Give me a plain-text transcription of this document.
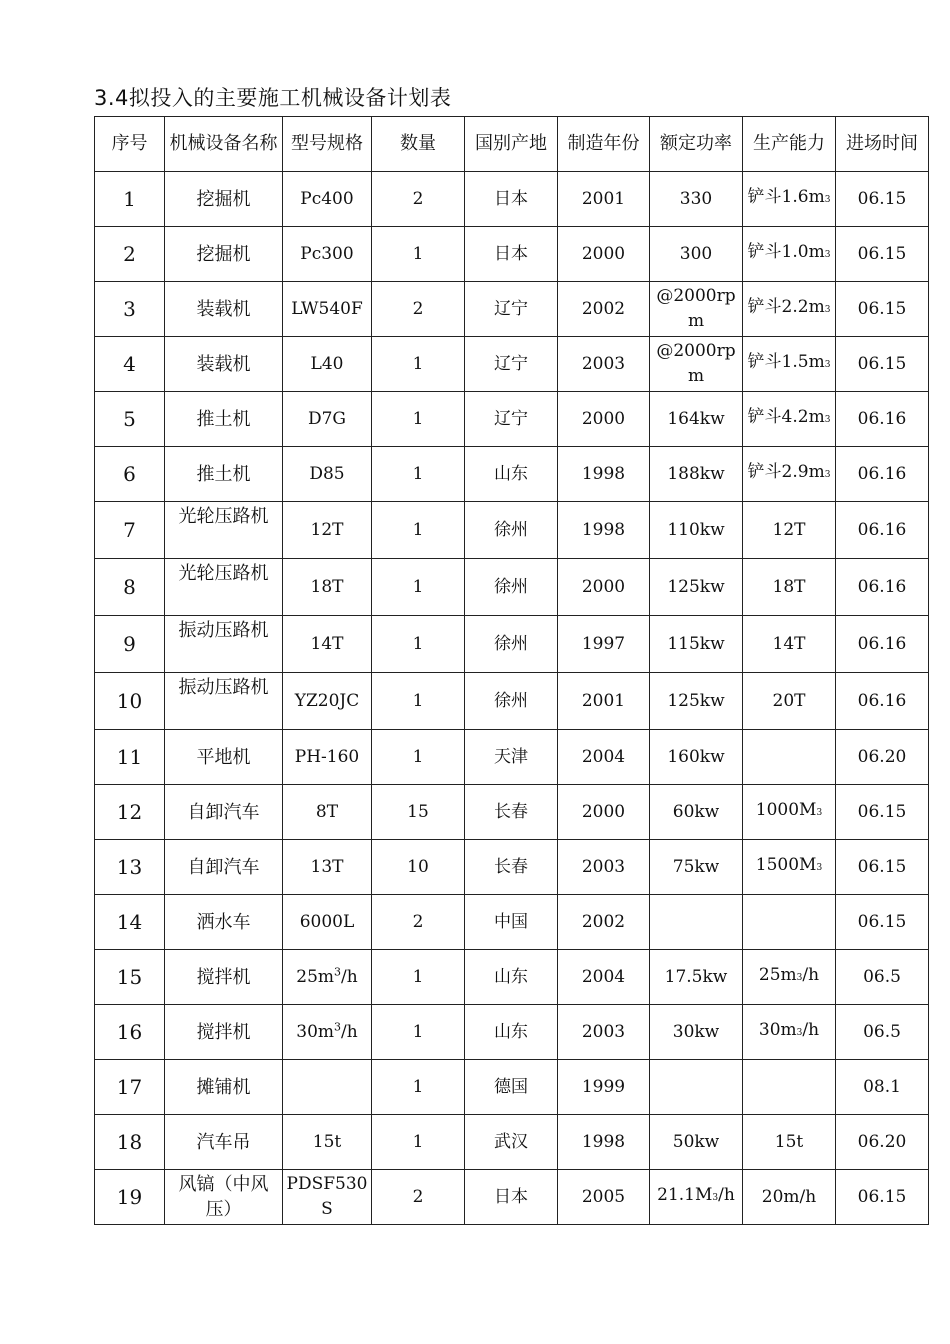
3.4拟投入的主要施工机械设备计划表
序号	机械设备名称	型号规格	数量	国别产地	制造年份	额定功率	生产能力	进场时间
1	挖掘机	Pc400	2	日本	2001	330	铲斗1.6m3	06.15
2	挖掘机	Pc300	1	日本	2000	300	铲斗1.0m3	06.15
3	装载机	LW540F	2	辽宁	2002	@2000rpm	铲斗2.2m3	06.15
4	装载机	L40	1	辽宁	2003	@2000rpm	铲斗1.5m3	06.15
5	推土机	D7G	1	辽宁	2000	164kw	铲斗4.2m3	06.16
6	推土机	D85	1	山东	1998	188kw	铲斗2.9m3	06.16
7	光轮压路机	12T	1	徐州	1998	110kw	12T	06.16
8	光轮压路机	18T	1	徐州	2000	125kw	18T	06.16
9	振动压路机	14T	1	徐州	1997	115kw	14T	06.16
10	振动压路机	YZ20JC	1	徐州	2001	125kw	20T	06.16
11	平地机	PH-160	1	天津	2004	160kw		06.20
12	自卸汽车	8T	15	长春	2000	60kw	1000M3	06.15
13	自卸汽车	13T	10	长春	2003	75kw	1500M3	06.15
14	洒水车	6000L	2	中国	2002			06.15
15	搅拌机	$25m^3/h$	1	山东	2004	17.5kw	25m3/h	06.5
16	搅拌机	$30m^3/h$	1	山东	2003	30kw	30m3/h	06.5
17	摊铺机		1	德国	1999			08.1
18	汽车吊	15t	1	武汉	1998	50kw	15t	06.20
19	风镐（中风压）	PDSF530S	2	日本	2005	21.1M3/h	20m/h	06.15
